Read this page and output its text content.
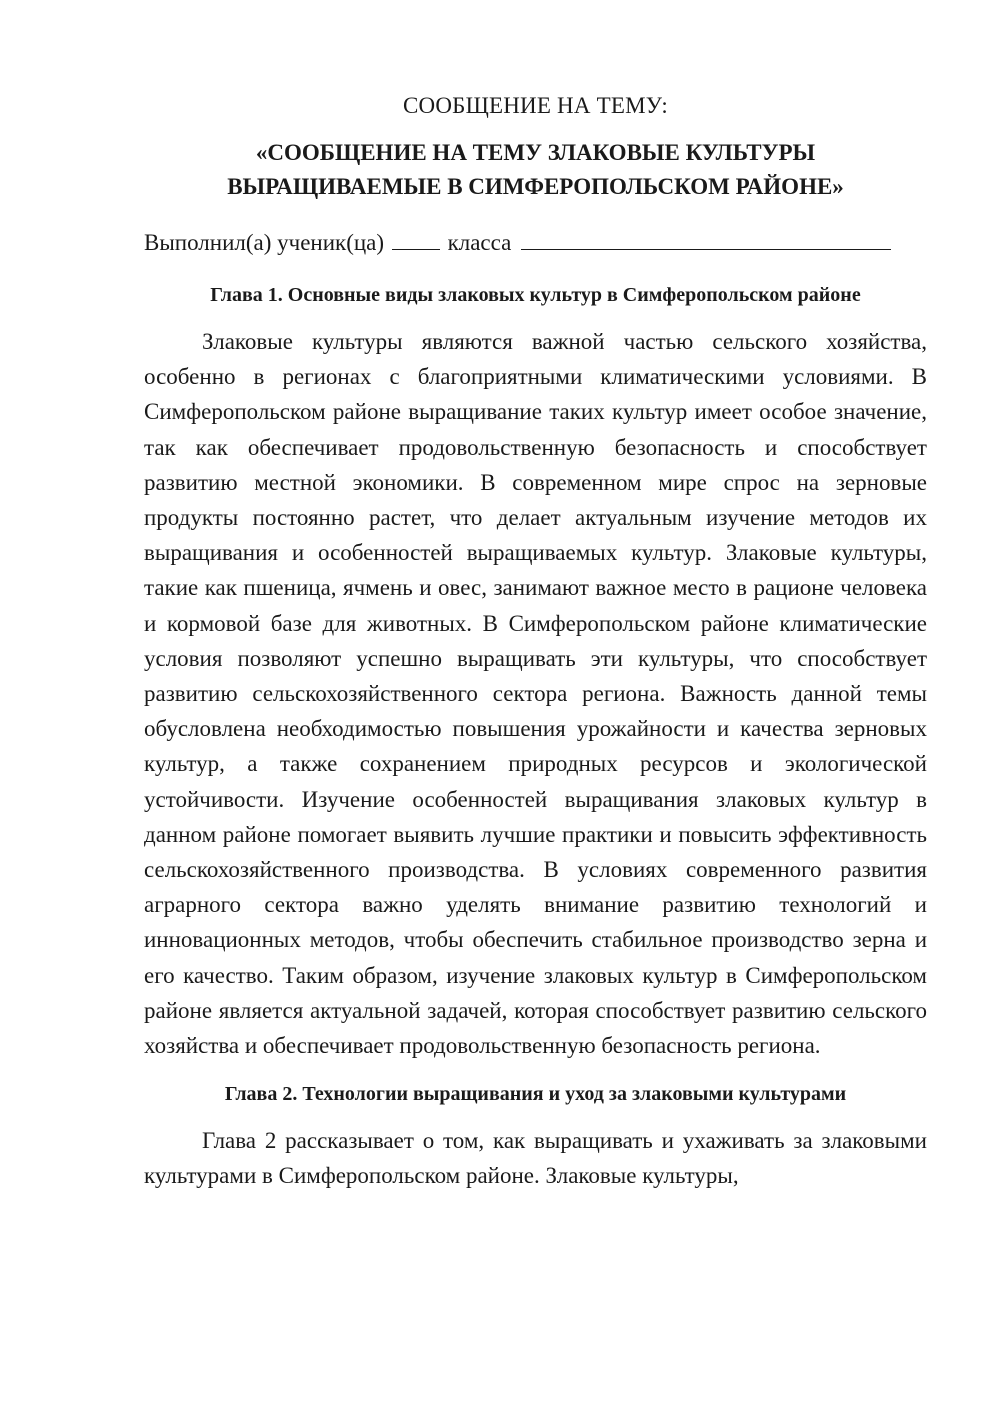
СООБЩЕНИЕ НА ТЕМУ:
«СООБЩЕНИЕ НА ТЕМУ ЗЛАКОВЫЕ КУЛЬТУРЫ
ВЫРАЩИВАЕМЫЕ В СИМФЕРОПОЛЬСКОМ РАЙОНЕ»
Выполнил(а) ученик(ца)	класса
Глава 1. Основные виды злаковых культур в Симферопольском районе

Злаковые культуры являются важной частью сельского хозяйства, особенно в регионах с благоприятными климатическими условиями. В Симферопольском районе выращивание таких культур имеет особое значение, так как обеспечивает продовольственную безопасность и способствует развитию местной экономики. В современном мире спрос на зерновые продукты постоянно растет, что делает актуальным изучение методов их выращивания и особенностей выращиваемых культур. Злаковые культуры, такие как пшеница, ячмень и овес, занимают важное место в рационе человека и кормовой базе для животных. В Симферопольском районе климатические условия позволяют успешно выращивать эти культуры, что способствует развитию сельскохозяйственного сектора региона. Важность данной темы обусловлена необходимостью повышения урожайности и качества зерновых культур, а также сохранением природных ресурсов и экологической устойчивости. Изучение особенностей выращивания злаковых культур в данном районе помогает выявить лучшие практики и повысить эффективность сельскохозяйственного производства. В условиях современного развития аграрного сектора важно уделять внимание развитию технологий и инновационных методов, чтобы обеспечить стабильное производство зерна и его качество. Таким образом, изучение злаковых культур в Симферопольском районе является актуальной задачей, которая способствует развитию сельского хозяйства и обеспечивает продовольственную безопасность региона.

Глава 2. Технологии выращивания и уход за злаковыми культурами

Глава 2 рассказывает о том, как выращивать и ухаживать за злаковыми культурами в Симферопольском районе. Злаковые культуры,
